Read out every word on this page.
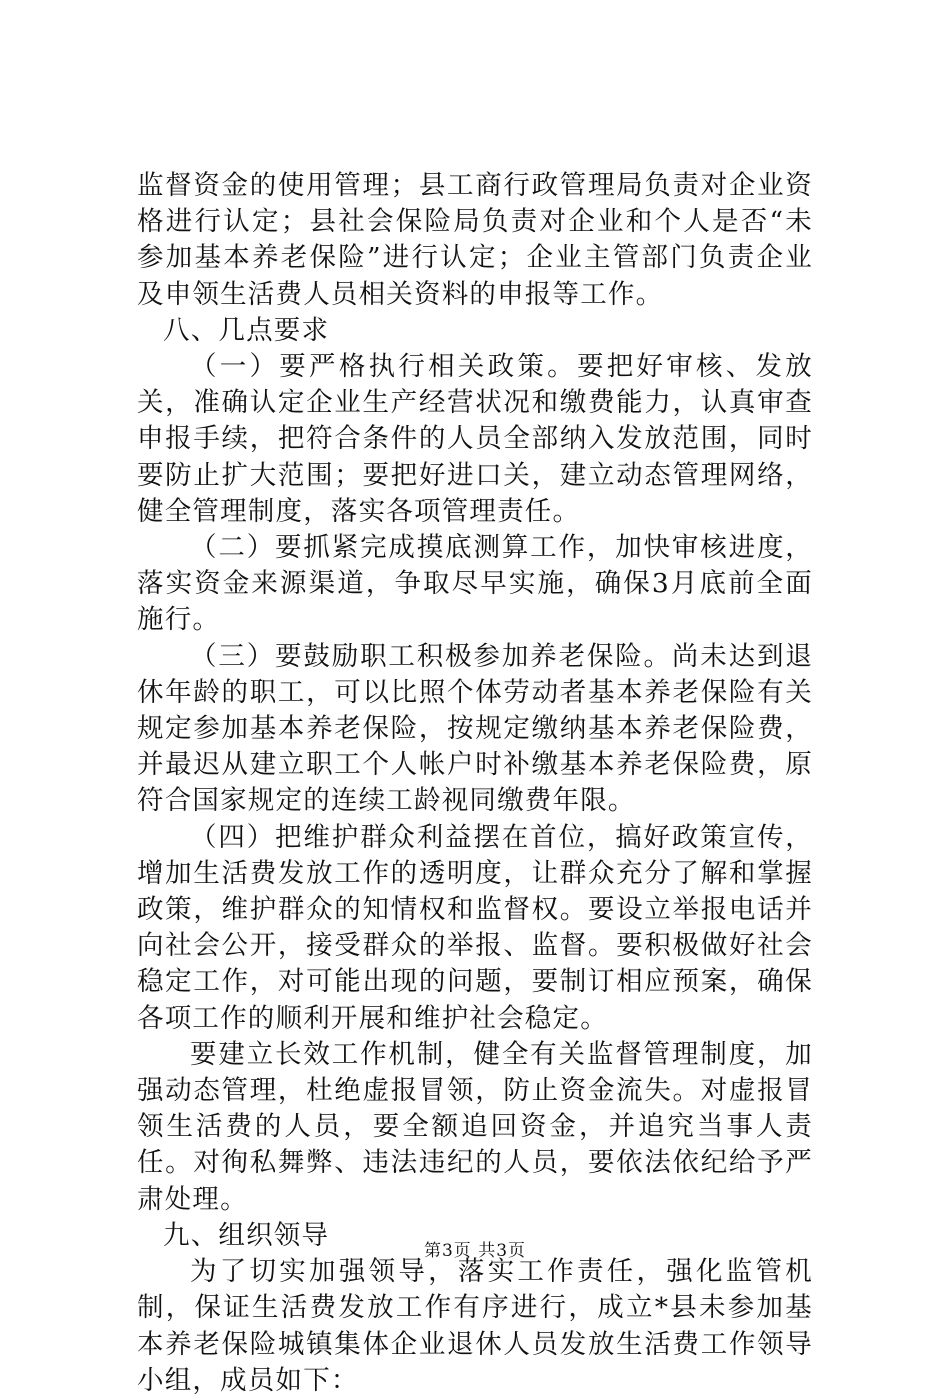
监督资金的使用管理；县工商行政管理局负责对企业资格进行认定；县社会保险局负责对企业和个人是否“未参加基本养老保险”进行认定；企业主管部门负责企业及申领生活费人员相关资料的申报等工作。

八、几点要求

（一）要严格执行相关政策。要把好审核、发放关，准确认定企业生产经营状况和缴费能力，认真审查申报手续，把符合条件的人员全部纳入发放范围，同时要防止扩大范围；要把好进口关，建立动态管理网络，健全管理制度，落实各项管理责任。

（二）要抓紧完成摸底测算工作，加快审核进度，落实资金来源渠道，争取尽早实施，确保3月底前全面施行。

（三）要鼓励职工积极参加养老保险。尚未达到退休年龄的职工，可以比照个体劳动者基本养老保险有关规定参加基本养老保险，按规定缴纳基本养老保险费，并最迟从建立职工个人帐户时补缴基本养老保险费，原符合国家规定的连续工龄视同缴费年限。

（四）把维护群众利益摆在首位，搞好政策宣传，增加生活费发放工作的透明度，让群众充分了解和掌握政策，维护群众的知情权和监督权。要设立举报电话并向社会公开，接受群众的举报、监督。要积极做好社会稳定工作，对可能出现的问题，要制订相应预案，确保各项工作的顺利开展和维护社会稳定。

要建立长效工作机制，健全有关监督管理制度，加强动态管理，杜绝虚报冒领，防止资金流失。对虚报冒领生活费的人员，要全额追回资金，并追究当事人责任。对徇私舞弊、违法违纪的人员，要依法依纪给予严肃处理。

九、组织领导

为了切实加强领导，落实工作责任，强化监管机制，保证生活费发放工作有序进行，成立*县未参加基本养老保险城镇集体企业退休人员发放生活费工作领导小组，成员如下：

第3页 共3页
